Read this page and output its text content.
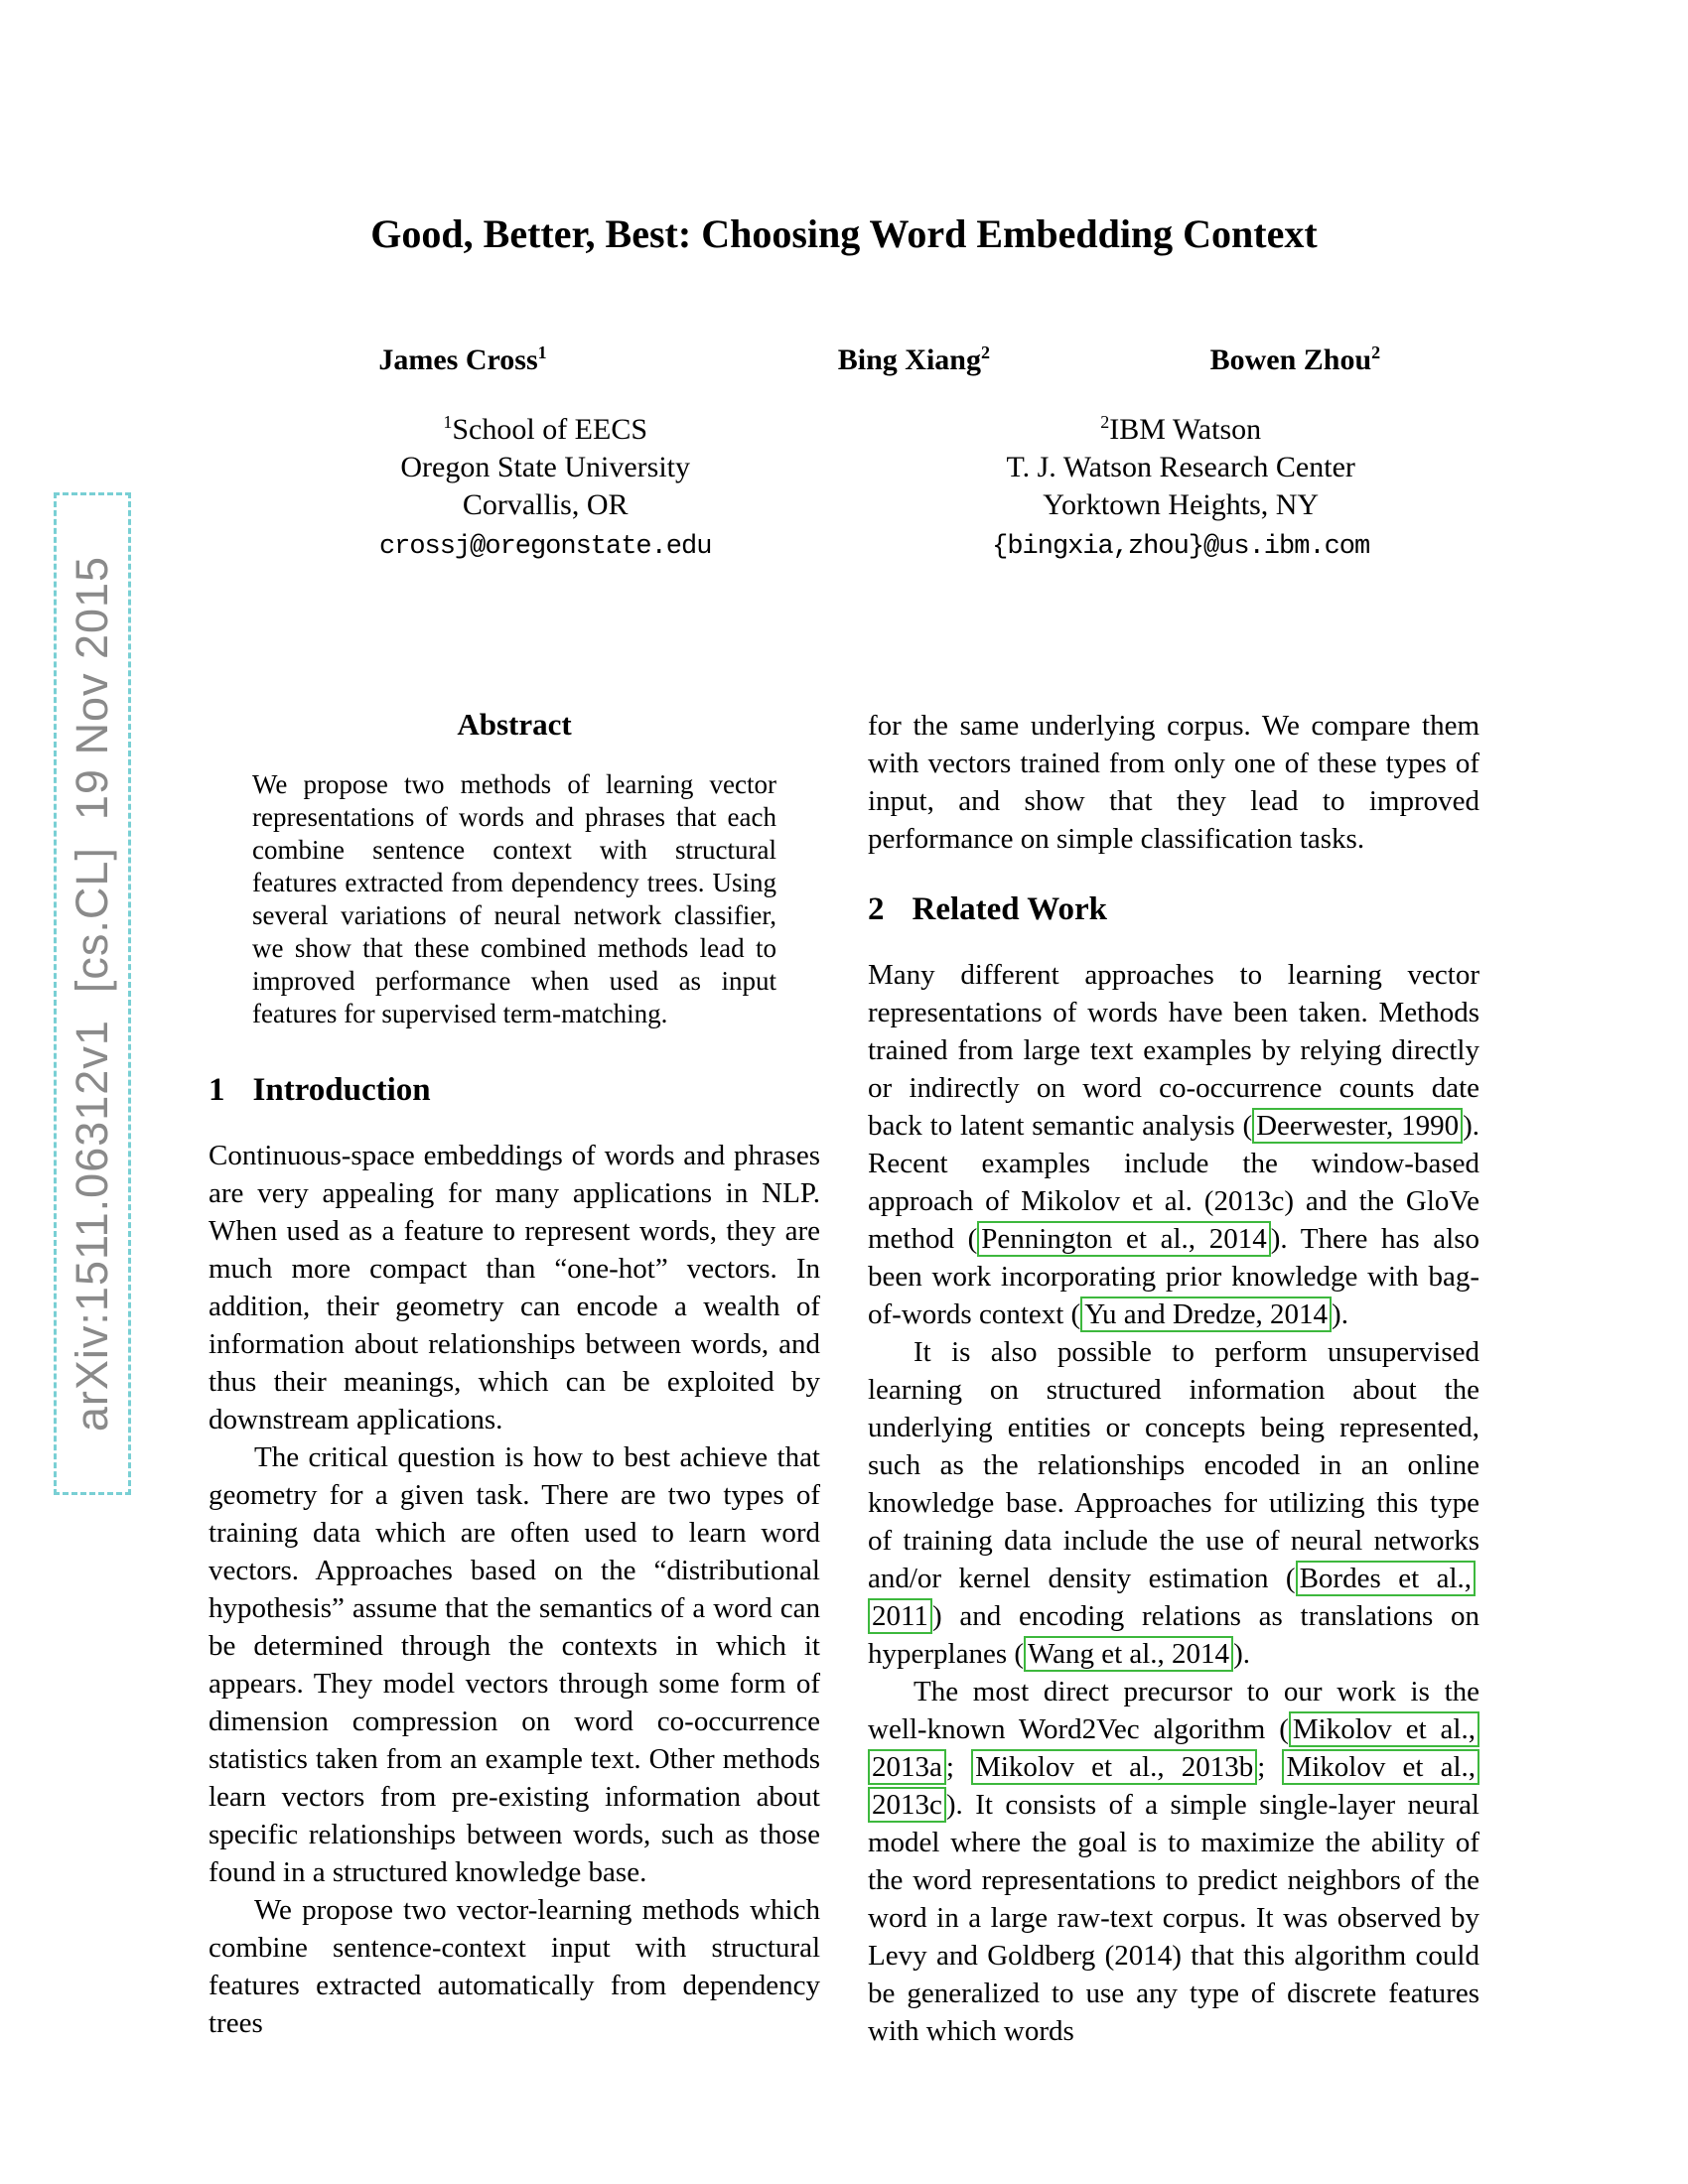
arXiv:1511.06312v1  [cs.CL]  19 Nov 2015
Good, Better, Best: Choosing Word Embedding Context
James Cross$^1$	Bing Xiang$^2$	Bowen Zhou$^2$
$^1$School of EECS
Oregon State University
Corvallis, OR
crossj@oregonstate.edu
$^2$IBM Watson
T. J. Watson Research Center
Yorktown Heights, NY
{bingxia,zhou}@us.ibm.com
Abstract

We propose two methods of learning vector representations of words and phrases that each combine sentence context with structural features extracted from dependency trees. Using several variations of neural network classifier, we show that these combined methods lead to improved performance when used as input features for supervised term-matching.

1 Introduction

Continuous-space embeddings of words and phrases are very appealing for many applications in NLP. When used as a feature to represent words, they are much more compact than “one-hot” vectors. In addition, their geometry can encode a wealth of information about relationships between words, and thus their meanings, which can be exploited by downstream applications.

The critical question is how to best achieve that geometry for a given task. There are two types of training data which are often used to learn word vectors. Approaches based on the “distributional hypothesis” assume that the semantics of a word can be determined through the contexts in which it appears. They model vectors through some form of dimension compression on word co-occurrence statistics taken from an example text. Other methods learn vectors from pre-existing information about specific relationships between words, such as those found in a structured knowledge base.

We propose two vector-learning methods which combine sentence-context input with structural features extracted automatically from dependency trees

for the same underlying corpus. We compare them with vectors trained from only one of these types of input, and show that they lead to improved performance on simple classification tasks.

2 Related Work

Many different approaches to learning vector representations of words have been taken. Methods trained from large text examples by relying directly or indirectly on word co-occurrence counts date back to latent semantic analysis ( Deerwester, 1990 ). Recent examples include the window-based approach of Mikolov et al. (2013c) and the GloVe method ( Pennington et al., 2014 ). There has also been work incorporating prior knowledge with bag-of-words context ( Yu and Dredze, 2014 ).

It is also possible to perform unsupervised learning on structured information about the underlying entities or concepts being represented, such as the relationships encoded in an online knowledge base. Approaches for utilizing this type of training data include the use of neural networks and/or kernel density estimation ( Bordes et al., 2011 ) and encoding relations as translations on hyperplanes ( Wang et al., 2014 ).

The most direct precursor to our work is the well-known Word2Vec algorithm ( Mikolov et al., 2013a ; Mikolov et al., 2013b ; Mikolov et al., 2013c ). It consists of a simple single-layer neural model where the goal is to maximize the ability of the word representations to predict neighbors of the word in a large raw-text corpus. It was observed by Levy and Goldberg (2014) that this algorithm could be generalized to use any type of discrete features with which words
